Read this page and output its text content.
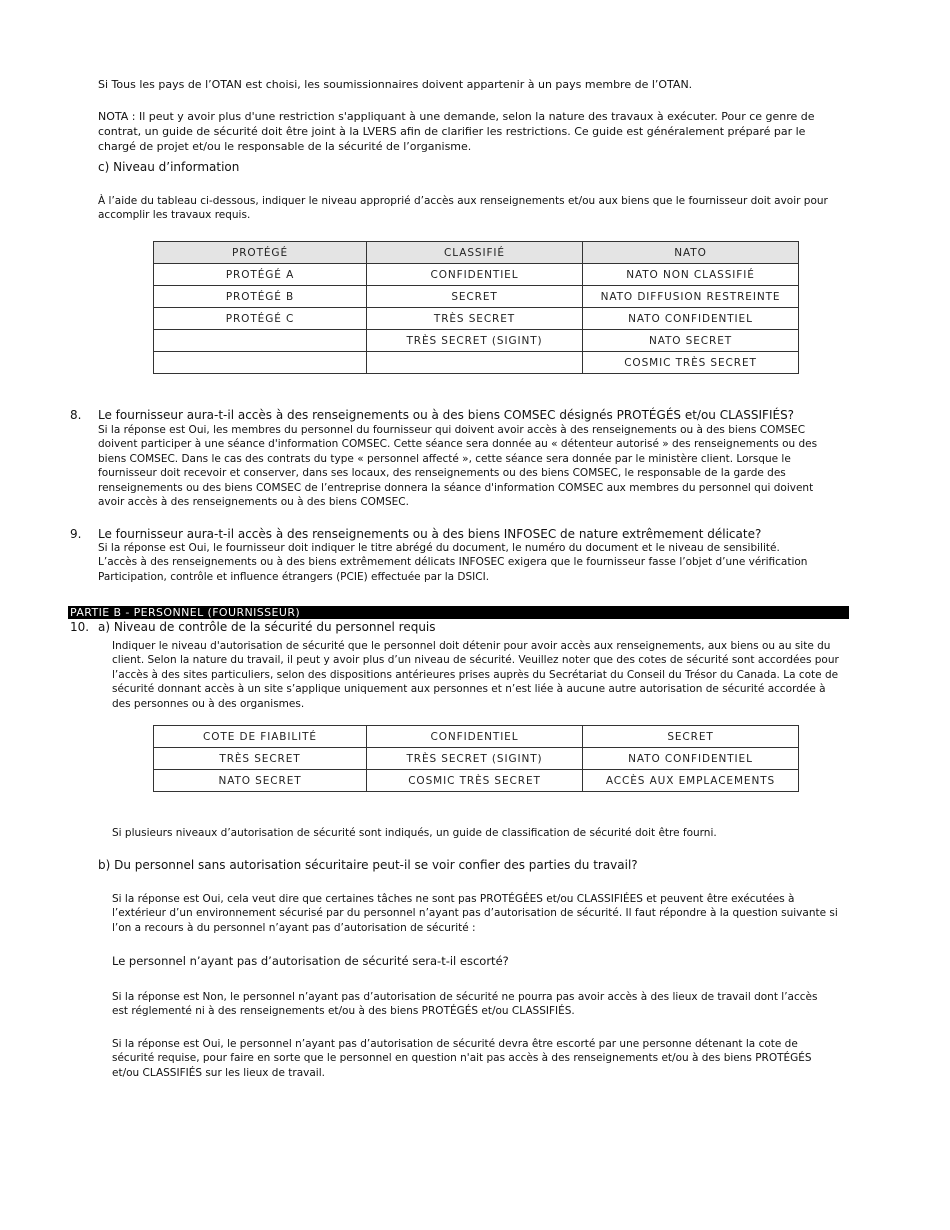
Si Tous les pays de l’OTAN est choisi, les soumissionnaires doivent appartenir à un pays membre de l’OTAN.
NOTA : Il peut y avoir plus d'une restriction s'appliquant à une demande, selon la nature des travaux à exécuter. Pour ce genre de contrat, un guide de sécurité doit être joint à la LVERS afin de clarifier les restrictions. Ce guide est généralement préparé par le chargé de projet et/ou le responsable de la sécurité de l’organisme.
c) Niveau d’information
À l’aide du tableau ci-dessous, indiquer le niveau approprié d’accès aux renseignements et/ou aux biens que le fournisseur doit avoir pour accomplir les travaux requis.
PROTÉGÉ	CLASSIFIÉ	NATO
PROTÉGÉ A	CONFIDENTIEL	NATO NON CLASSIFIÉ
PROTÉGÉ B	SECRET	NATO DIFFUSION RESTREINTE
PROTÉGÉ C	TRÈS SECRET	NATO CONFIDENTIEL
	TRÈS SECRET (SIGINT)	NATO SECRET
		COSMIC TRÈS SECRET
8. Le fournisseur aura-t-il accès à des renseignements ou à des biens COMSEC désignés PROTÉGÉS et/ou CLASSIFIÉS?
Si la réponse est Oui, les membres du personnel du fournisseur qui doivent avoir accès à des renseignements ou à des biens COMSEC doivent participer à une séance d'information COMSEC. Cette séance sera donnée au « détenteur autorisé » des renseignements ou des biens COMSEC. Dans le cas des contrats du type « personnel affecté », cette séance sera donnée par le ministère client. Lorsque le fournisseur doit recevoir et conserver, dans ses locaux, des renseignements ou des biens COMSEC, le responsable de la garde des renseignements ou des biens COMSEC de l’entreprise donnera la séance d'information COMSEC aux membres du personnel qui doivent avoir accès à des renseignements ou à des biens COMSEC.
9. Le fournisseur aura-t-il accès à des renseignements ou à des biens INFOSEC de nature extrêmement délicate?
Si la réponse est Oui, le fournisseur doit indiquer le titre abrégé du document, le numéro du document et le niveau de sensibilité. L’accès à des renseignements ou à des biens extrêmement délicats INFOSEC exigera que le fournisseur fasse l’objet d’une vérification Participation, contrôle et influence étrangers (PCIE) effectuée par la DSICI.
PARTIE B - PERSONNEL (FOURNISSEUR)
10. a) Niveau de contrôle de la sécurité du personnel requis
Indiquer le niveau d'autorisation de sécurité que le personnel doit détenir pour avoir accès aux renseignements, aux biens ou au site du client. Selon la nature du travail, il peut y avoir plus d’un niveau de sécurité. Veuillez noter que des cotes de sécurité sont accordées pour l’accès à des sites particuliers, selon des dispositions antérieures prises auprès du Secrétariat du Conseil du Trésor du Canada. La cote de sécurité donnant accès à un site s’applique uniquement aux personnes et n’est liée à aucune autre autorisation de sécurité accordée à des personnes ou à des organismes.
COTE DE FIABILITÉ	CONFIDENTIEL	SECRET
TRÈS SECRET	TRÈS SECRET (SIGINT)	NATO CONFIDENTIEL
NATO SECRET	COSMIC TRÈS SECRET	ACCÈS AUX EMPLACEMENTS
Si plusieurs niveaux d’autorisation de sécurité sont indiqués, un guide de classification de sécurité doit être fourni.
b) Du personnel sans autorisation sécuritaire peut-il se voir confier des parties du travail?
Si la réponse est Oui, cela veut dire que certaines tâches ne sont pas PROTÉGÉES et/ou CLASSIFIÉES et peuvent être exécutées à l’extérieur d’un environnement sécurisé par du personnel n’ayant pas d’autorisation de sécurité. Il faut répondre à la question suivante si l’on a recours à du personnel n’ayant pas d’autorisation de sécurité :
Le personnel n’ayant pas d’autorisation de sécurité sera-t-il escorté?
Si la réponse est Non, le personnel n’ayant pas d’autorisation de sécurité ne pourra pas avoir accès à des lieux de travail dont l’accès est réglementé ni à des renseignements et/ou à des biens PROTÉGÉS et/ou CLASSIFIÉS.
Si la réponse est Oui, le personnel n’ayant pas d’autorisation de sécurité devra être escorté par une personne détenant la cote de sécurité requise, pour faire en sorte que le personnel en question n'ait pas accès à des renseignements et/ou à des biens PROTÉGÉS et/ou CLASSIFIÉS sur les lieux de travail.
